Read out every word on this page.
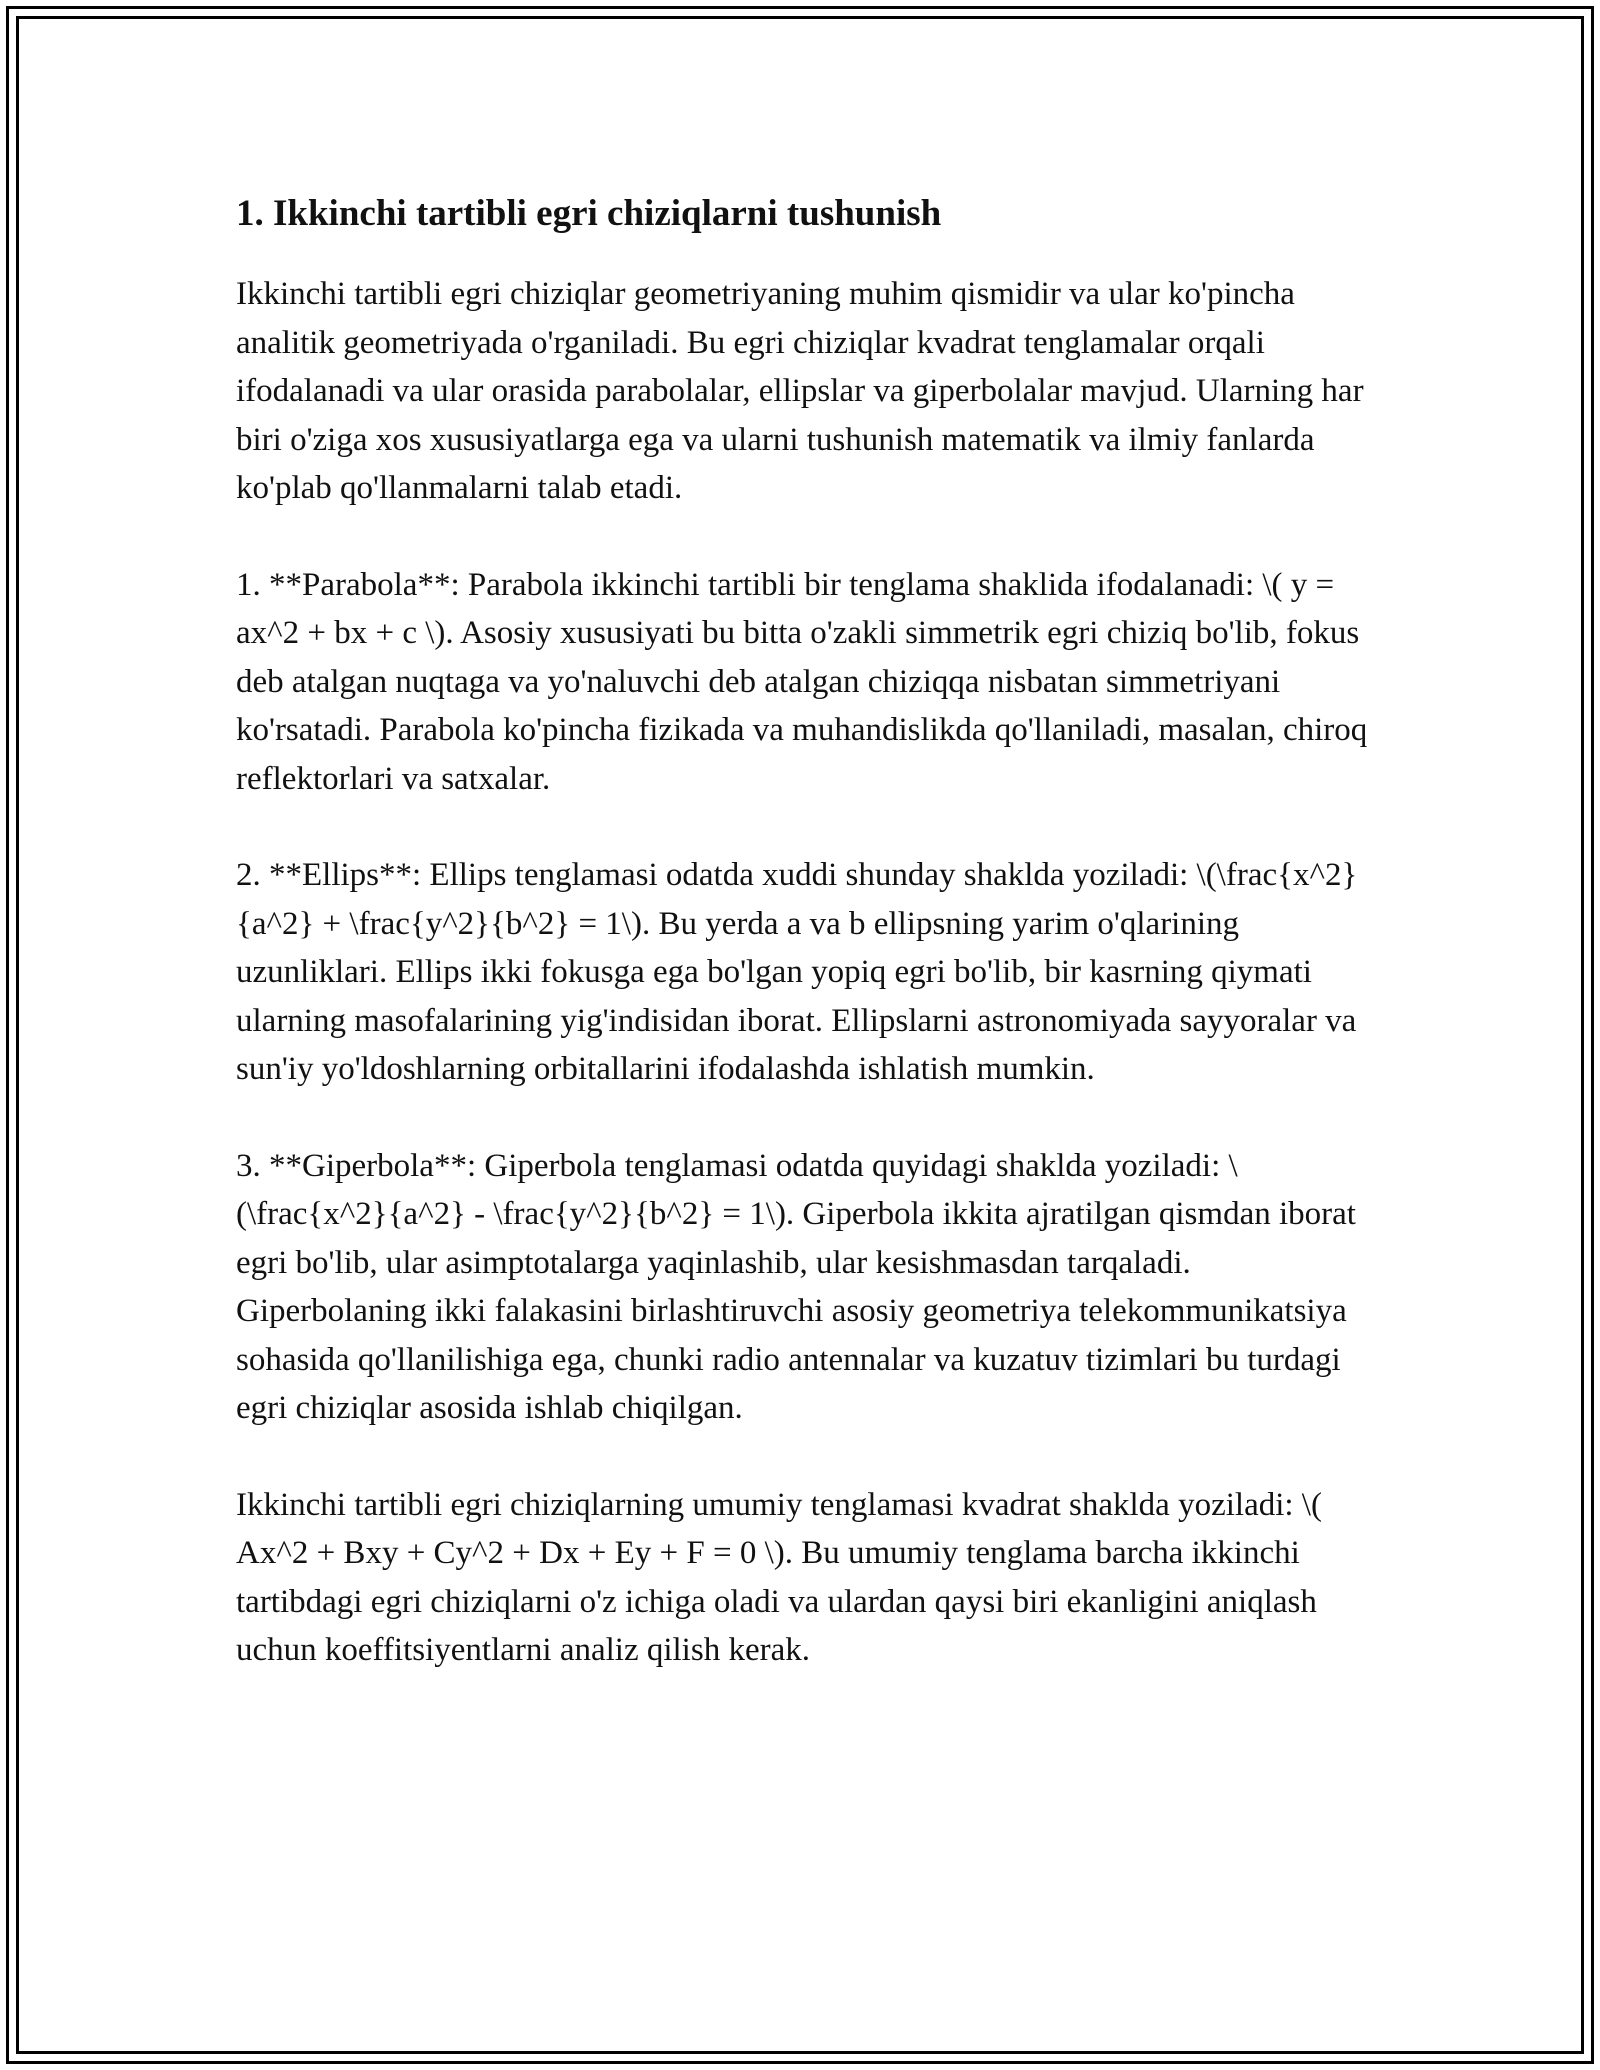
1. Ikkinchi tartibli egri chiziqlarni tushunish

Ikkinchi tartibli egri chiziqlar geometriyaning muhim qismidir va ular ko'pincha analitik geometriyada o'rganiladi. Bu egri chiziqlar kvadrat tenglamalar orqali ifodalanadi va ular orasida parabolalar, ellipslar va giperbolalar mavjud. Ularning har biri o'ziga xos xususiyatlarga ega va ularni tushunish matematik va ilmiy fanlarda ko'plab qo'llanmalarni talab etadi.

1. **Parabola**: Parabola ikkinchi tartibli bir tenglama shaklida ifodalanadi: \( y = ax^2 + bx + c \). Asosiy xususiyati bu bitta o'zakli simmetrik egri chiziq bo'lib, fokus deb atalgan nuqtaga va yo'naluvchi deb atalgan chiziqqa nisbatan simmetriyani ko'rsatadi. Parabola ko'pincha fizikada va muhandislikda qo'llaniladi, masalan, chiroq reflektorlari va satxalar.

2. **Ellips**: Ellips tenglamasi odatda xuddi shunday shaklda yoziladi: \(\frac{x^2}{a^2} + \frac{y^2}{b^2} = 1\). Bu yerda a va b ellipsning yarim o'qlarining uzunliklari. Ellips ikki fokusga ega bo'lgan yopiq egri bo'lib, bir kasrning qiymati ularning masofalarining yig'indisidan iborat. Ellipslarni astronomiyada sayyoralar va sun'iy yo'ldoshlarning orbitallarini ifodalashda ishlatish mumkin.

3. **Giperbola**: Giperbola tenglamasi odatda quyidagi shaklda yoziladi: \(\frac{x^2}{a^2} - \frac{y^2}{b^2} = 1\). Giperbola ikkita ajratilgan qismdan iborat egri bo'lib, ular asimptotalarga yaqinlashib, ular kesishmasdan tarqaladi. Giperbolaning ikki falakasini birlashtiruvchi asosiy geometriya telekommunikatsiya sohasida qo'llanilishiga ega, chunki radio antennalar va kuzatuv tizimlari bu turdagi egri chiziqlar asosida ishlab chiqilgan.

Ikkinchi tartibli egri chiziqlarning umumiy tenglamasi kvadrat shaklda yoziladi: \( Ax^2 + Bxy + Cy^2 + Dx + Ey + F = 0 \). Bu umumiy tenglama barcha ikkinchi tartibdagi egri chiziqlarni o'z ichiga oladi va ulardan qaysi biri ekanligini aniqlash uchun koeffitsiyentlarni analiz qilish kerak.
